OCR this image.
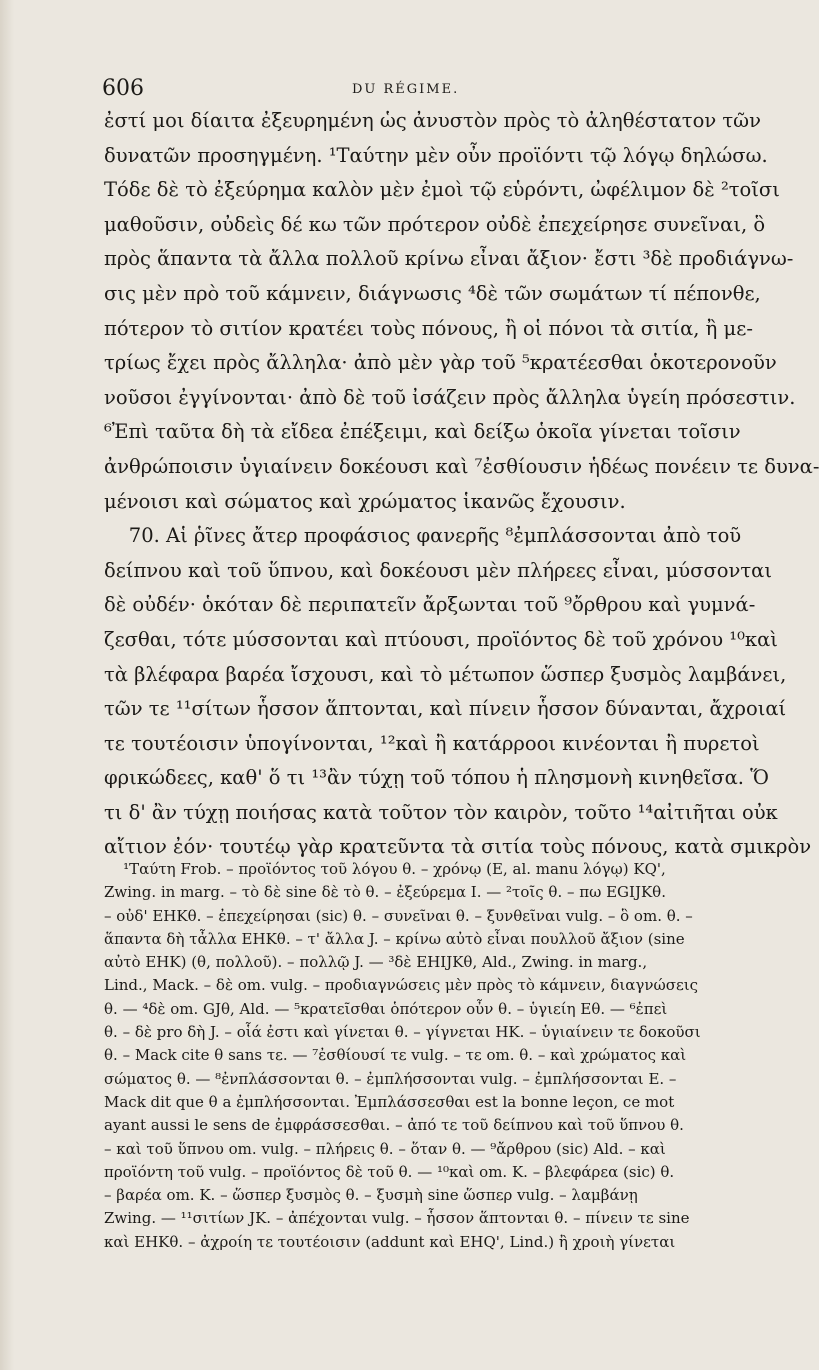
606	DU RÉGIME.
ἐστί μοι δίαιτα ἐξευρημένη ὡς ἀνυστὸν πρὸς τὸ ἀληθέστατον τῶν
δυνατῶν προσηγμένη. ¹Ταύτην μὲν οὖν προϊόντι τῷ λόγῳ δηλώσω.
Τόδε δὲ τὸ ἐξεύρημα καλὸν μὲν ἐμοὶ τῷ εὑρόντι, ὠφέλιμον δὲ ²τοῖσι
μαθοῦσιν, οὐδεὶς δέ κω τῶν πρότερον οὐδὲ ἐπεχείρησε συνεῖναι, ὃ
πρὸς ἅπαντα τὰ ἄλλα πολλοῦ κρίνω εἶναι ἄξιον· ἔστι ³δὲ προδιάγνω-
σις μὲν πρὸ τοῦ κάμνειν, διάγνωσις ⁴δὲ τῶν σωμάτων τί πέπονθε,
πότερον τὸ σιτίον κρατέει τοὺς πόνους, ἢ οἱ πόνοι τὰ σιτία, ἢ με-
τρίως ἔχει πρὸς ἄλληλα· ἀπὸ μὲν γὰρ τοῦ ⁵κρατέεσθαι ὁκοτερονοῦν
νοῦσοι ἐγγίνονται· ἀπὸ δὲ τοῦ ἰσάζειν πρὸς ἄλληλα ὑγείη πρόσεστιν.
⁶Ἐπὶ ταῦτα δὴ τὰ εἴδεα ἐπέξειμι, καὶ δείξω ὁκοῖα γίνεται τοῖσιν
ἀνθρώποισιν ὑγιαίνειν δοκέουσι καὶ ⁷ἐσθίουσιν ἡδέως πονέειν τε δυνα-
μένοισι καὶ σώματος καὶ χρώματος ἱκανῶς ἔχουσιν.
70. Αἱ ῥῖνες ἄτερ προφάσιος φανερῆς ⁸ἐμπλάσσονται ἀπὸ τοῦ
δείπνου καὶ τοῦ ὕπνου, καὶ δοκέουσι μὲν πλήρεες εἶναι, μύσσονται
δὲ οὐδέν· ὁκόταν δὲ περιπατεῖν ἄρξωνται τοῦ ⁹ὄρθρου καὶ γυμνά-
ζεσθαι, τότε μύσσονται καὶ πτύουσι, προϊόντος δὲ τοῦ χρόνου ¹⁰καὶ
τὰ βλέφαρα βαρέα ἴσχουσι, καὶ τὸ μέτωπον ὥσπερ ξυσμὸς λαμβάνει,
τῶν τε ¹¹σίτων ἧσσον ἅπτονται, καὶ πίνειν ἧσσον δύνανται, ἄχροιαί
τε τουτέοισιν ὑπογίνονται, ¹²καὶ ἢ κατάρροοι κινέονται ἢ πυρετοὶ
φρικώδεες, καθ' ὅ τι ¹³ἂν τύχῃ τοῦ τόπου ἡ πλησμονὴ κινηθεῖσα. Ὅ
τι δ' ἂν τύχῃ ποιήσας κατὰ τοῦτον τὸν καιρὸν, τοῦτο ¹⁴αἰτιῆται οὐκ
αἴτιον ἐόν· τουτέῳ γὰρ κρατεῦντα τὰ σιτία τοὺς πόνους, κατὰ σμικρὸν
¹Ταύτη Frob. – προϊόντος τοῦ λόγου θ. – χρόνῳ (E, al. manu λόγῳ) KQ',
Zwing. in marg. – τὸ δὲ sine δὲ τὸ θ. – ἐξεύρεμα I. — ²τοῖς θ. – πω EGIJKθ.
– οὐδ' EHKθ. – ἐπεχείρησαι (sic) θ. – συνεῖναι θ. – ξυνθεῖναι vulg. – ὃ om. θ. –
ἅπαντα δὴ τἆλλα EHKθ. – τ' ἄλλα J. – κρίνω αὐτὸ εἶναι πουλλοῦ ἄξιον (sine
αὐτὸ EHK) (θ, πολλοῦ). – πολλῷ J. — ³δὲ EHIJKθ, Ald., Zwing. in marg.,
Lind., Mack. – δὲ om. vulg. – προδιαγνώσεις μὲν πρὸς τὸ κάμνειν, διαγνώσεις
θ. — ⁴δὲ om. GJθ, Ald. — ⁵κρατεῖσθαι ὁπότερον οὖν θ. – ὑγιείη Eθ. — ⁶ἐπεὶ
θ. – δὲ pro δὴ J. – οἷά ἐστι καὶ γίνεται θ. – γίγνεται HK. – ὑγιαίνειν τε δοκοῦσι
θ. – Mack cite θ sans τε. — ⁷ἐσθίουσί τε vulg. – τε om. θ. – καὶ χρώματος καὶ
σώματος θ. — ⁸ἐνπλάσσονται θ. – ἐμπλήσσονται vulg. – ἐμπλήσσονται E. –
Mack dit que θ a ἐμπλήσσονται. Ἐμπλάσσεσθαι est la bonne leçon, ce mot
ayant aussi le sens de ἐμφράσσεσθαι. – ἀπό τε τοῦ δείπνου καὶ τοῦ ὕπνου θ.
– καὶ τοῦ ὕπνου om. vulg. – πλήρεις θ. – ὅταν θ. — ⁹ἄρθρου (sic) Ald. – καὶ
προϊόντη τοῦ vulg. – προϊόντος δὲ τοῦ θ. — ¹⁰καὶ om. K. – βλεφάρεα (sic) θ.
– βαρέα om. K. – ὥσπερ ξυσμὸς θ. – ξυσμὴ sine ὥσπερ vulg. – λαμβάνῃ
Zwing. — ¹¹σιτίων JK. – ἀπέχονται vulg. – ἧσσον ἅπτονται θ. – πίνειν τε sine
καὶ EHKθ. – ἀχροίη τε τουτέοισιν (addunt καὶ EHQ', Lind.) ἢ χροιὴ γίνεται
